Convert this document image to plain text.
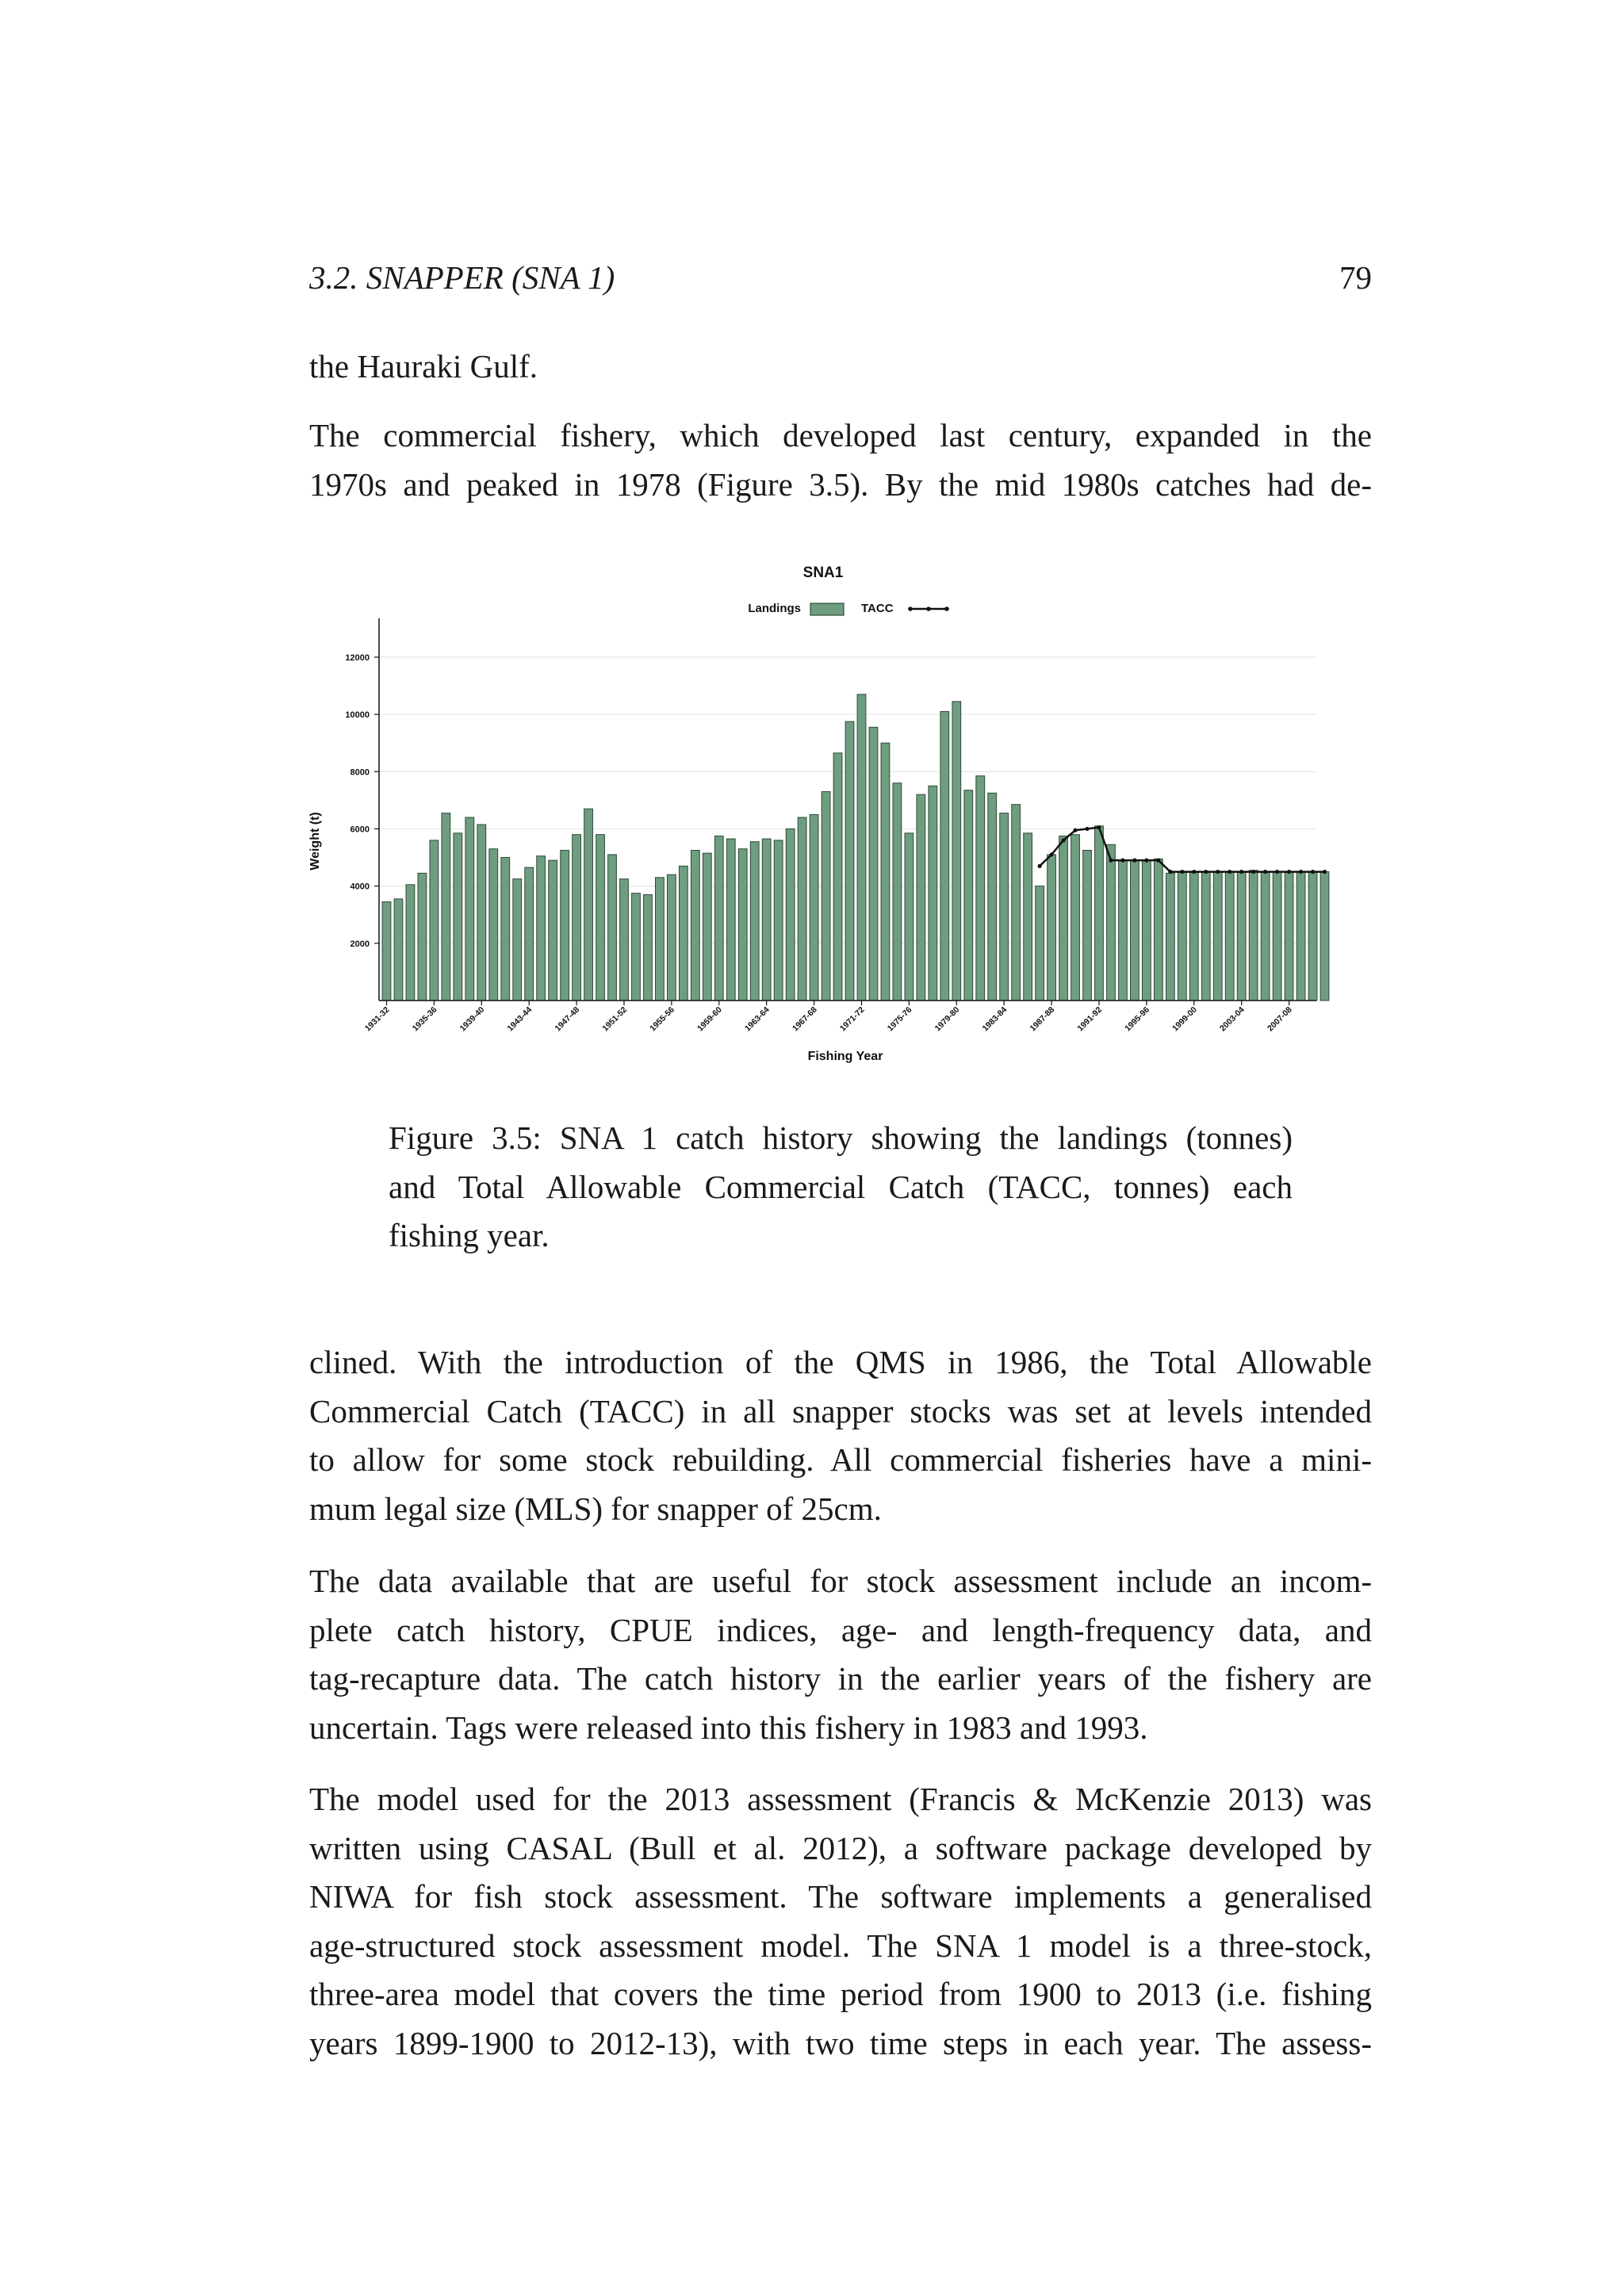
3.2. SNAPPER (SNA 1)	79
the Hauraki Gulf.
The commercial fishery, which developed last century, expanded in the
1970s and peaked in 1978 (Figure 3.5). By the mid 1980s catches had de-
SNA1
Landings	TACC
2000
4000
6000
8000
10000
12000
1931-32 1935-36 1939-40 1943-44 1947-48 1951-52 1955-56 1959-60 1963-64 1967-68 1971-72 1975-76 1979-80 1983-84 1987-88 1991-92 1995-96 1999-00 2003-04 2007-08
Weight (t)
Fishing Year
Figure 3.5: SNA 1 catch history showing the landings (tonnes)
and Total Allowable Commercial Catch (TACC, tonnes) each
fishing year.
clined. With the introduction of the QMS in 1986, the Total Allowable
Commercial Catch (TACC) in all snapper stocks was set at levels intended
to allow for some stock rebuilding. All commercial fisheries have a mini-
mum legal size (MLS) for snapper of 25cm.
The data available that are useful for stock assessment include an incom-
plete catch history, CPUE indices, age- and length-frequency data, and
tag-recapture data. The catch history in the earlier years of the fishery are
uncertain. Tags were released into this fishery in 1983 and 1993.
The model used for the 2013 assessment (Francis & McKenzie 2013) was
written using CASAL (Bull et al. 2012), a software package developed by
NIWA for fish stock assessment. The software implements a generalised
age-structured stock assessment model. The SNA 1 model is a three-stock,
three-area model that covers the time period from 1900 to 2013 (i.e. fishing
years 1899-1900 to 2012-13), with two time steps in each year. The assess-
